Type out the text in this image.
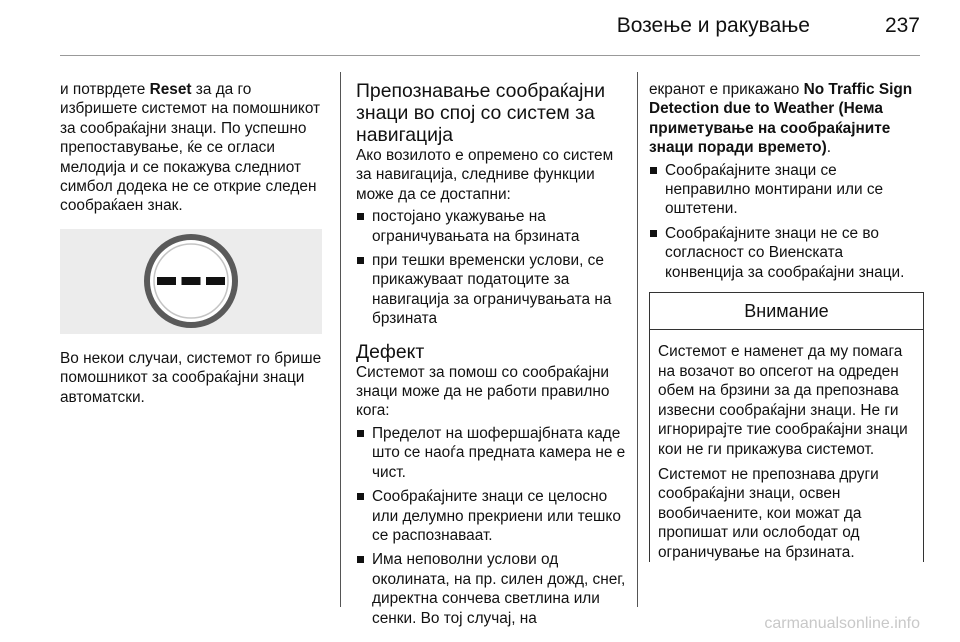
Возење и ракување	237

и потврдете Reset за да го избришете системот на помошникот за сообраќајни знаци. По успешно препоставување, ќе се огласи мелодија и се покажува следниот симбол додека не се открие следен сообраќаен знак.

Во некои случаи, системот го брише помошникот за сообраќајни знаци автоматски.

Препознавање сообраќајни знаци во спој со систем за навигација

Ако возилото е опремено со систем за навигација, следниве функции може да се достапни:

постојано укажување на ограничувањата на брзината
при тешки временски услови, се прикажуваат податоците за навигација за ограничувањата на брзината
Дефект

Системот за помош со сообраќајни знаци може да не работи правилно кога:

Пределот на шофершајбната каде што се наоѓа предната камера не е чист.
Сообраќајните знаци се целосно или делумно прекриени или тешко се распознаваат.
Има неповолни услови од околината, на пр. силен дожд, снег, директна сончева светлина или сенки. Во тој случај, на

екранот е прикажано No Traffic Sign Detection due to Weather (Нема приметување на сообраќајните знаци поради времето).

Сообраќајните знаци се неправилно монтирани или се оштетени.
Сообраќајните знаци не се во согласност со Виенската конвенција за сообраќајни знаци.
Внимание

Системот е наменет да му помага на возачот во опсегот на одреден обем на брзини за да препознава извесни сообраќајни знаци. Не ги игнорирајте тие сообраќајни знаци кои не ги прикажува системот.

Системот не препознава други сообраќајни знаци, освен вообичаените, кои можат да пропишат или ослободат од ограничување на брзината.

carmanualsonline.info
